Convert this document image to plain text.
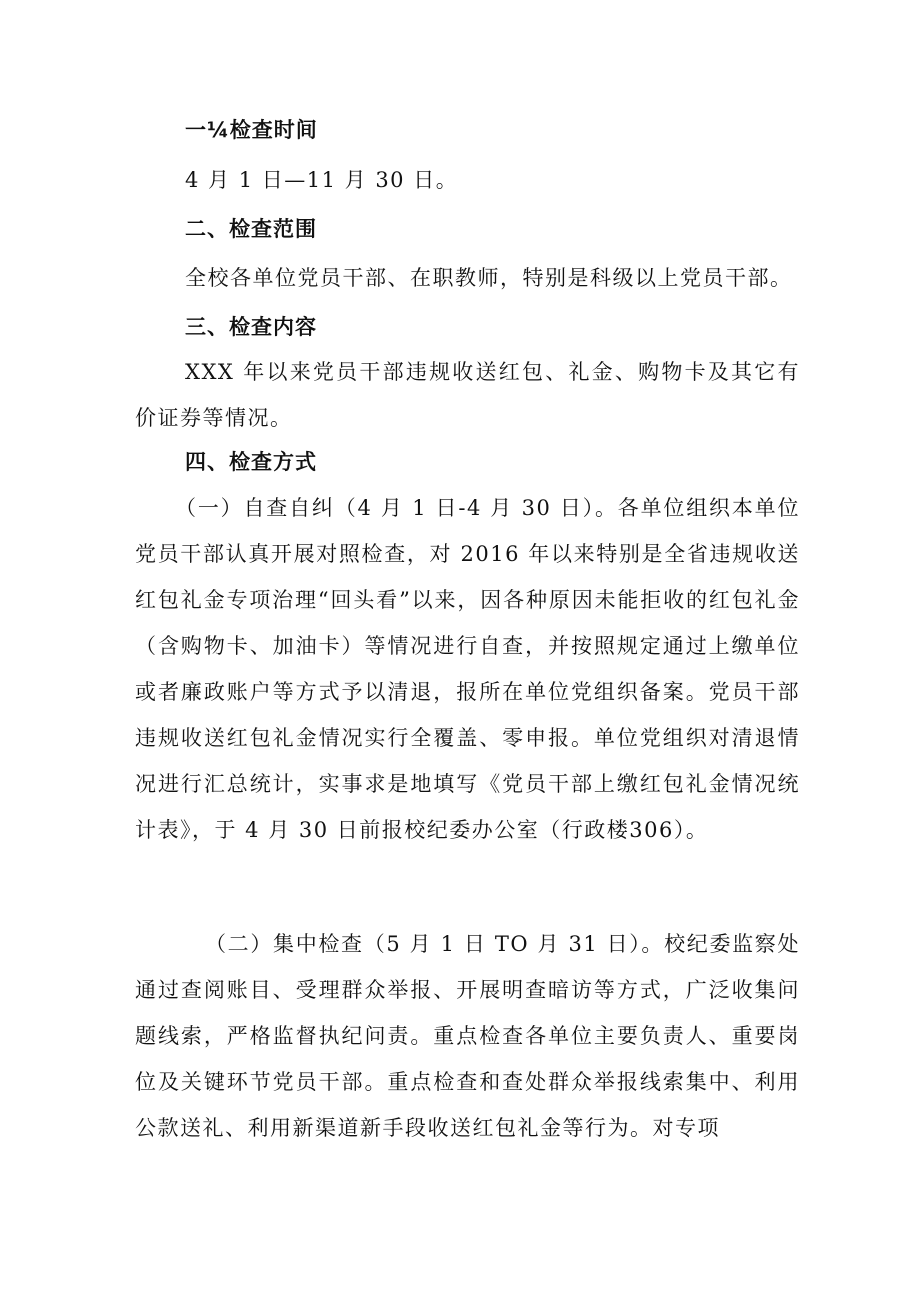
一¼检查时间
4 月 1 日—11 月 30 日。
二、检查范围
全校各单位党员干部、在职教师，特别是科级以上党员干部。
三、检查内容
XXX 年以来党员干部违规收送红包、礼金、购物卡及其它有价证券等情况。
四、检查方式
（一）自查自纠（4 月 1 日-4 月 30 日）。各单位组织本单位党员干部认真开展对照检查，对 2016 年以来特别是全省违规收送红包礼金专项治理“回头看”以来，因各种原因未能拒收的红包礼金（含购物卡、加油卡）等情况进行自查，并按照规定通过上缴单位或者廉政账户等方式予以清退，报所在单位党组织备案。党员干部违规收送红包礼金情况实行全覆盖、零申报。单位党组织对清退情况进行汇总统计，实事求是地填写《党员干部上缴红包礼金情况统计表》，于 4 月 30 日前报校纪委办公室（行政楼306）。
（二）集中检查（5 月 1 日 TO 月 31 日）。校纪委监察处通过查阅账目、受理群众举报、开展明查暗访等方式，广泛收集问题线索，严格监督执纪问责。重点检查各单位主要负责人、重要岗位及关键环节党员干部。重点检查和查处群众举报线索集中、利用公款送礼、利用新渠道新手段收送红包礼金等行为。对专项
